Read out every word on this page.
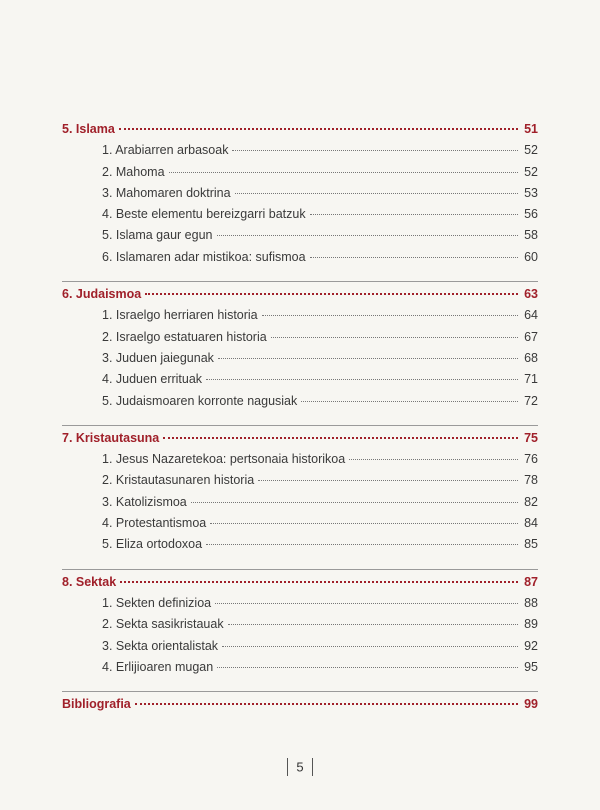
5. Islama	51
1. Arabiarren arbasoak	52
2. Mahoma	52
3. Mahomaren doktrina	53
4. Beste elementu bereizgarri batzuk	56
5. Islama gaur egun	58
6. Islamaren adar mistikoa: sufismoa	60
6. Judaismoa	63
1. Israelgo herriaren historia	64
2. Israelgo estatuaren historia	67
3. Juduen jaiegunak	68
4. Juduen errituak	71
5. Judaismoaren korronte nagusiak	72
7. Kristautasuna	75
1. Jesus Nazaretekoa: pertsonaia historikoa	76
2. Kristautasunaren historia	78
3. Katolizismoa	82
4. Protestantismoa	84
5. Eliza ortodoxoa	85
8. Sektak	87
1. Sekten definizioa	88
2. Sekta sasikristauak	89
3. Sekta orientalistak	92
4. Erlijioaren mugan	95
Bibliografia	99
5
